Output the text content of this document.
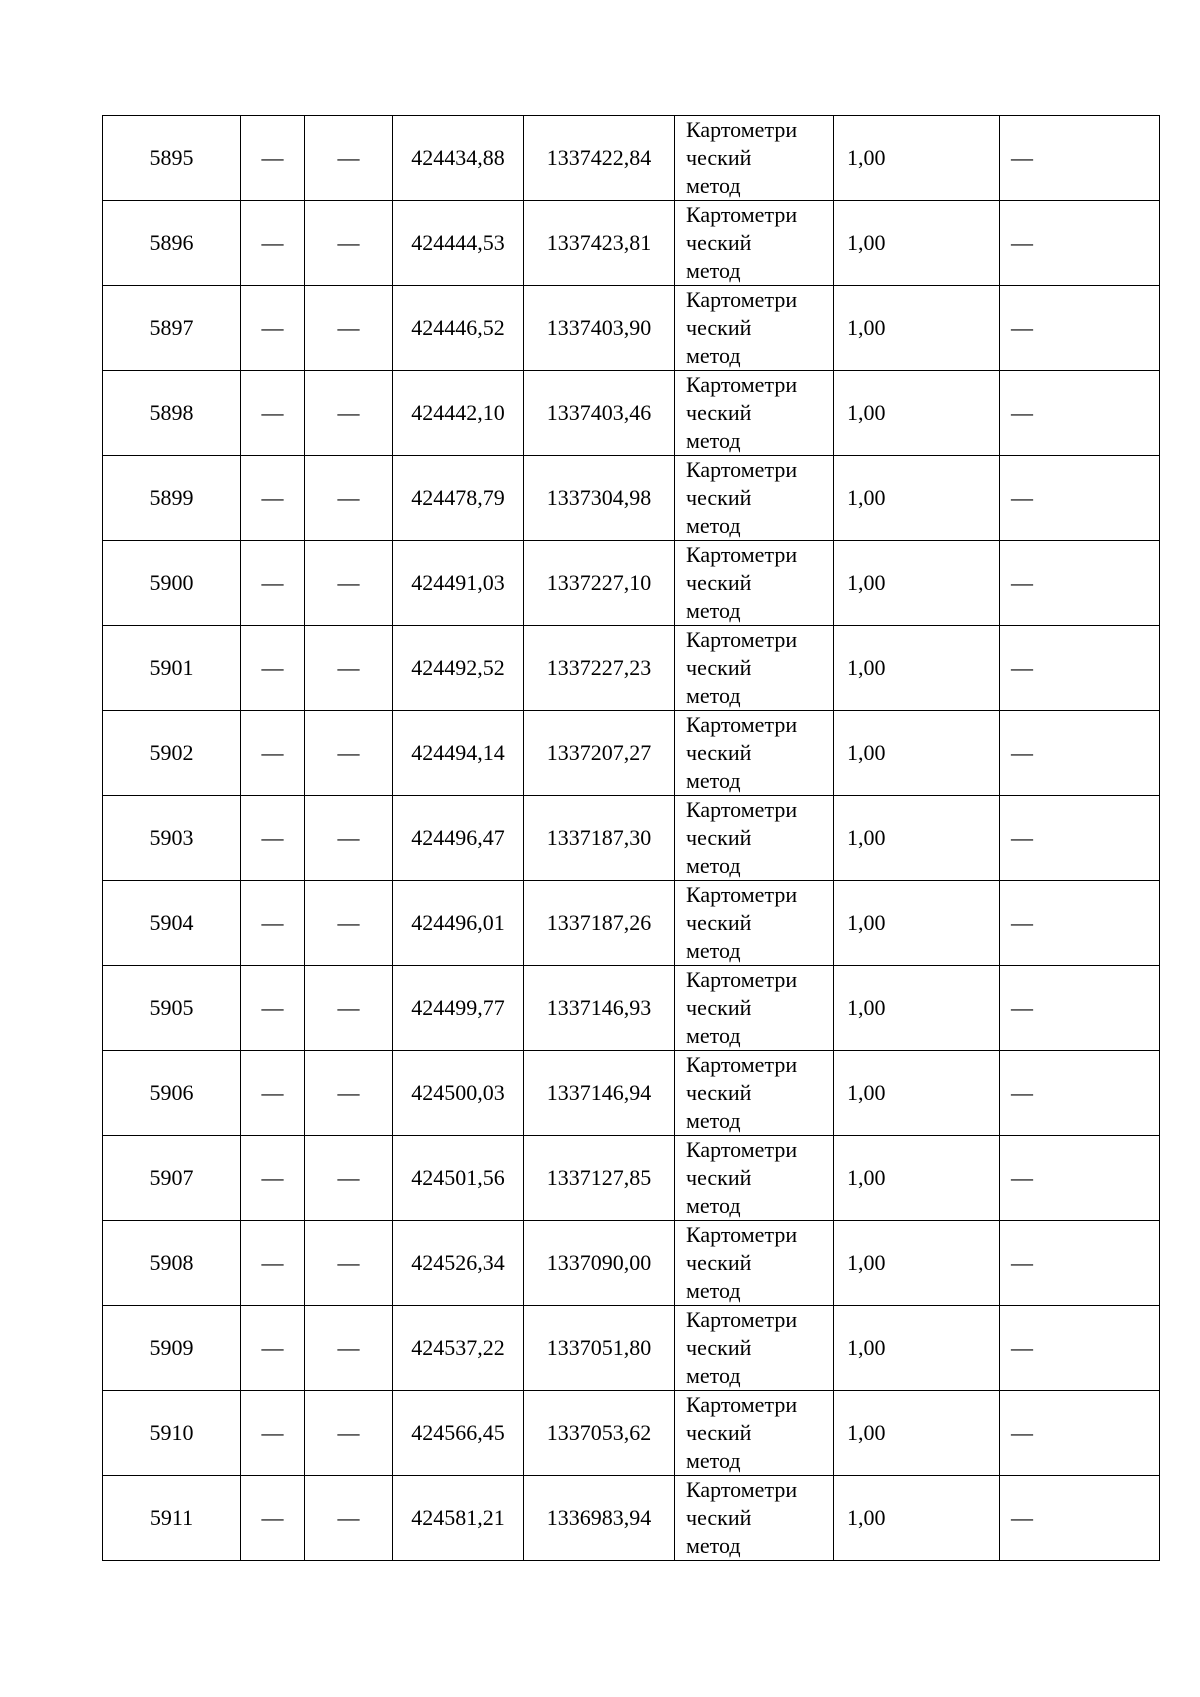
5895	—	—	424434,88	1337422,84	Картометри
ческий
метод	1,00	—
5896	—	—	424444,53	1337423,81	Картометри
ческий
метод	1,00	—
5897	—	—	424446,52	1337403,90	Картометри
ческий
метод	1,00	—
5898	—	—	424442,10	1337403,46	Картометри
ческий
метод	1,00	—
5899	—	—	424478,79	1337304,98	Картометри
ческий
метод	1,00	—
5900	—	—	424491,03	1337227,10	Картометри
ческий
метод	1,00	—
5901	—	—	424492,52	1337227,23	Картометри
ческий
метод	1,00	—
5902	—	—	424494,14	1337207,27	Картометри
ческий
метод	1,00	—
5903	—	—	424496,47	1337187,30	Картометри
ческий
метод	1,00	—
5904	—	—	424496,01	1337187,26	Картометри
ческий
метод	1,00	—
5905	—	—	424499,77	1337146,93	Картометри
ческий
метод	1,00	—
5906	—	—	424500,03	1337146,94	Картометри
ческий
метод	1,00	—
5907	—	—	424501,56	1337127,85	Картометри
ческий
метод	1,00	—
5908	—	—	424526,34	1337090,00	Картометри
ческий
метод	1,00	—
5909	—	—	424537,22	1337051,80	Картометри
ческий
метод	1,00	—
5910	—	—	424566,45	1337053,62	Картометри
ческий
метод	1,00	—
5911	—	—	424581,21	1336983,94	Картометри
ческий
метод	1,00	—
